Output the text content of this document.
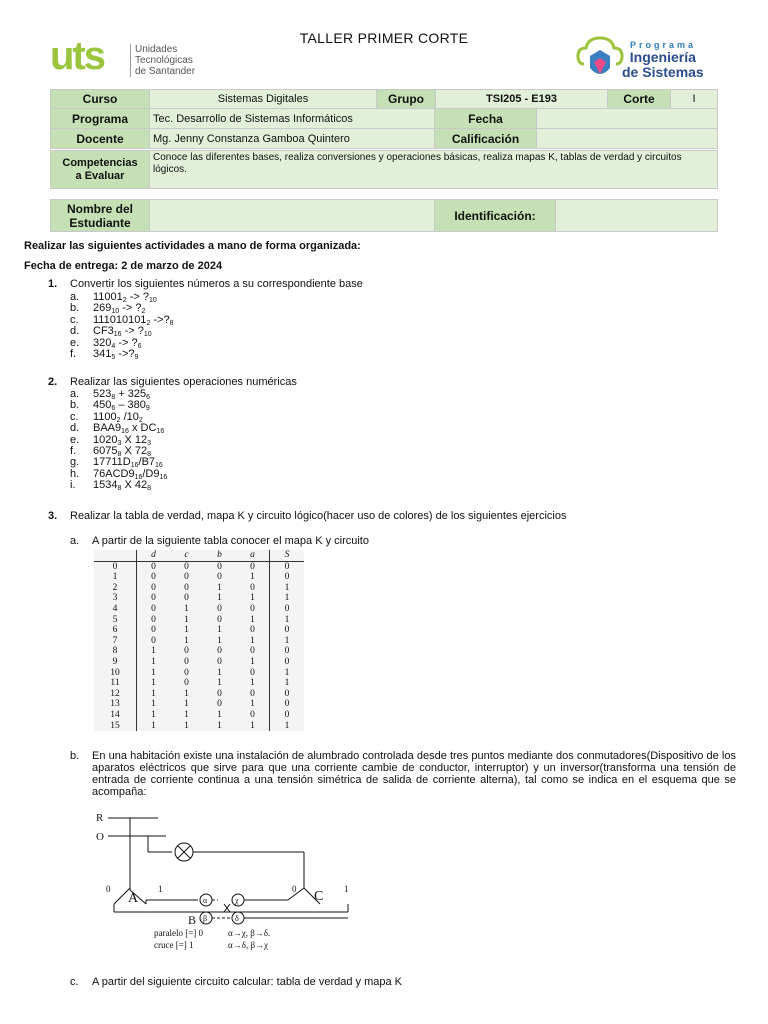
TALLER PRIMER CORTE
uts	Unidades
Tecnológicas
de Santander
Programa
Ingeniería
de Sistemas
Curso	Sistemas Digitales	Grupo	TSI205 - E193	Corte	I
Programa	Tec. Desarrollo de Sistemas Informáticos	Fecha	
Docente	Mg. Jenny Constanza Gamboa Quintero	Calificación	
Competencias
a Evaluar
	Conoce las diferentes bases, realiza conversiones y operaciones básicas, realiza mapas K, tablas de verdad y circuitos lógicos.
Nombre del
Estudiante		Identificación:	
Realizar las siguientes actividades a mano de forma organizada:
Fecha de entrega: 2 de marzo de 2024
1. Convertir los siguientes números a su correspondiente base
a. $11001_2$ -> $?_{10}$
b. $269_{10}$ -> $?_2$
c. $111010101_2$ $->?_8$
d. $CF3_{16}$ -> $?_{10}$
e. $320_4$ -> $?_6$
f. $341_5$ $->?_9$
2. Realizar las siguientes operaciones numéricas
a. $523_8 + 325_6$
b. $450_6 - 380_9$
c. $1100_2$ $/10_2$
d. $BAA9_{16}$ x $DC_{16}$
e. $1020_3$ X $12_3$
f. $6075_8$ X $72_8$
g. $17711D_{16}/B7_{16}$
h. $76ACD9_{16}/D9_{16}$
i. $1534_8$ X $42_8$
3. Realizar la tabla de verdad, mapa K y circuito lógico(hacer uso de colores) de los siguientes ejercicios
a. A partir de la siguiente tabla conocer el mapa K y circuito
	d	c	b	a	S
0	0	0	0	0	0
1	0	0	0	1	0
2	0	0	1	0	1
3	0	0	1	1	1
4	0	1	0	0	0
5	0	1	0	1	1
6	0	1	1	0	0
7	0	1	1	1	1
8	1	0	0	0	0
9	1	0	0	1	0
10	1	0	1	0	1
11	1	0	1	1	1
12	1	1	0	0	0
13	1	1	0	1	0
14	1	1	1	0	0
15	1	1	1	1	1
b. En una habitación existe una instalación de alumbrado controlada desde tres puntos mediante dos conmutadores(Dispositivo de los aparatos eléctricos que sirve para que una corriente cambie de conductor, interruptor) y un inversor(transforma una tensión de entrada de corriente continua a una tensión simétrica de salida de corriente alterna), tal como se indica en el esquema que se acompaña:
R
O
A
B
C
0	1	0	1
α	χ
β	δ
paralelo [=] 0	α→χ, β→δ.
cruce [=] 1	α→δ, β→χ
c. A partir del siguiente circuito calcular: tabla de verdad y mapa K
